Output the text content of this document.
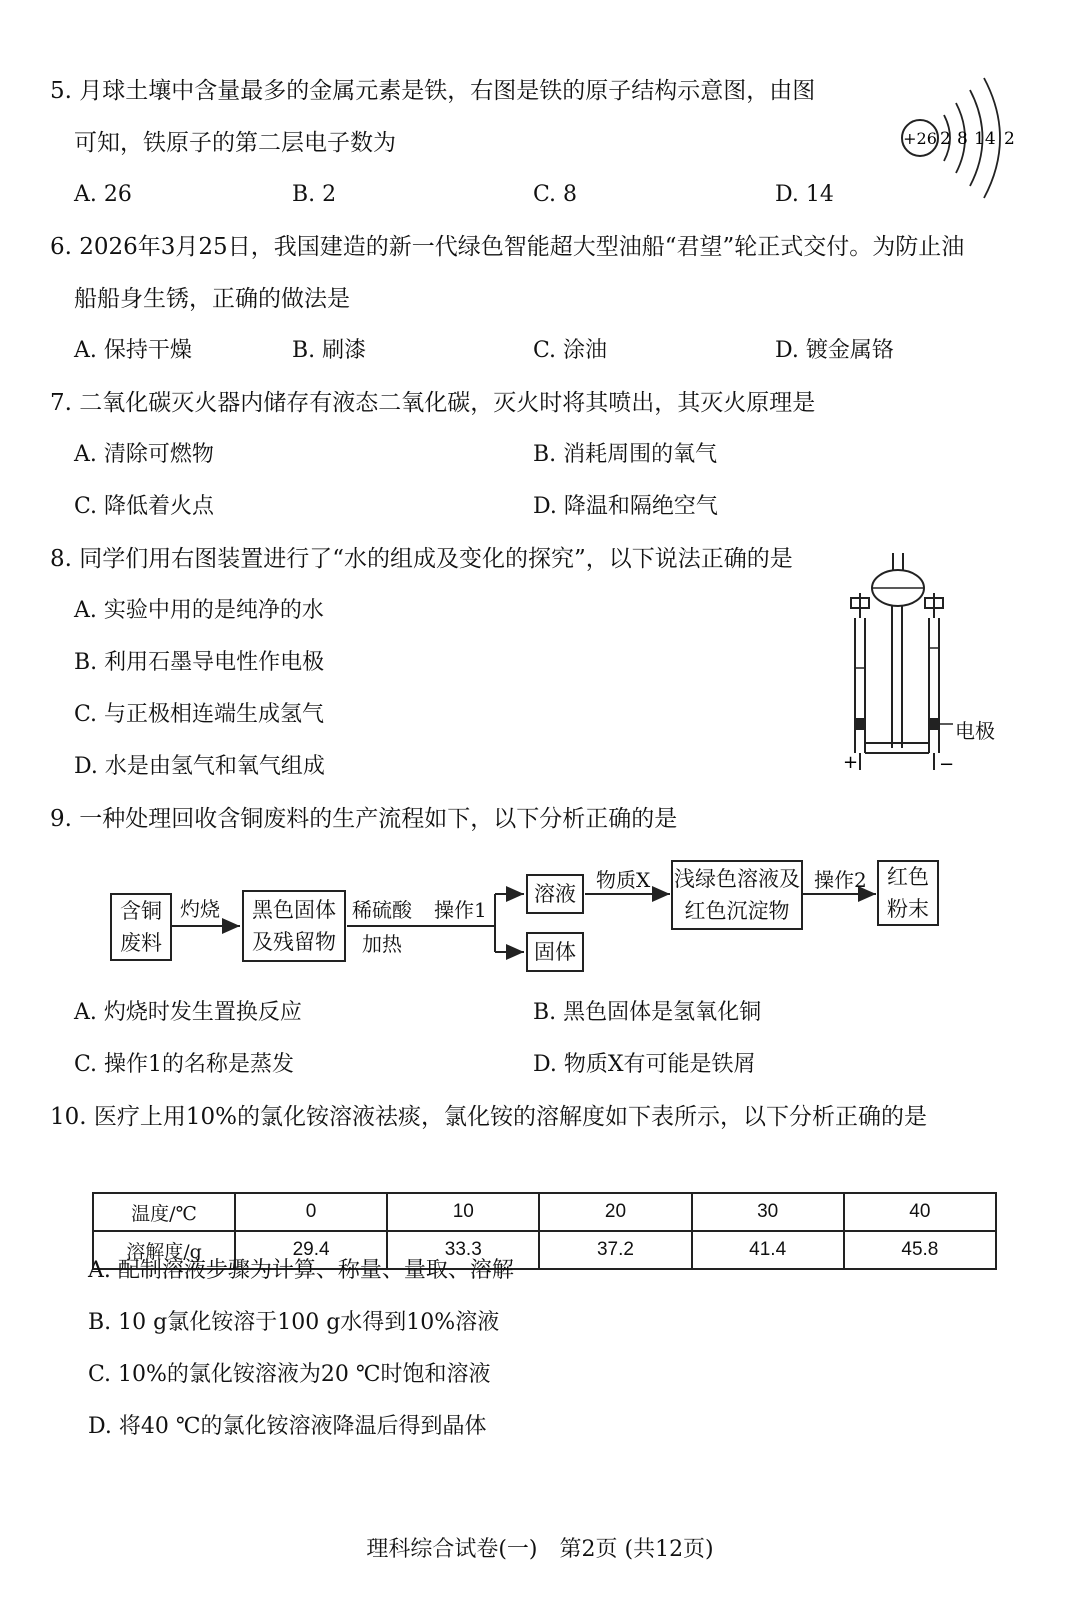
5. 月球土壤中含量最多的金属元素是铁，右图是铁的原子结构示意图，由图
可知，铁原子的第二层电子数为
A. 26	B. 2	C. 8	D. 14
+26 2 8 14 2
6. 2026年3月25日，我国建造的新一代绿色智能超大型油船“君望”轮正式交付。为防止油
船船身生锈，正确的做法是
A. 保持干燥	B. 刷漆	C. 涂油	D. 镀金属铬
7. 二氧化碳灭火器内储存有液态二氧化碳，灭火时将其喷出，其灭火原理是
A. 清除可燃物	B. 消耗周围的氧气
C. 降低着火点	D. 降温和隔绝空气
8. 同学们用右图装置进行了“水的组成及变化的探究”，以下说法正确的是
A. 实验中用的是纯净的水
B. 利用石墨导电性作电极
C. 与正极相连端生成氢气
D. 水是由氢气和氧气组成	+	−
电极
9. 一种处理回收含铜废料的生产流程如下，以下分析正确的是
含铜
废料
灼烧	黑色固体
及残留物
稀硫酸
加热
操作1
溶液
固体
物质X 浅绿色溶液及
红色沉淀物
操作2 红色
粉末
A. 灼烧时发生置换反应	B. 黑色固体是氢氧化铜
C. 操作1的名称是蒸发	D. 物质X有可能是铁屑
10. 医疗上用10%的氯化铵溶液祛痰，氯化铵的溶解度如下表所示，以下分析正确的是
温度/℃	0	10	20	30	40
溶解度/g	29.4	33.3	37.2	41.4	45.8
A. 配制溶液步骤为计算、称量、量取、溶解
B. 10 g氯化铵溶于100 g水得到10%溶液
C. 10%的氯化铵溶液为20 ℃时饱和溶液
D. 将40 ℃的氯化铵溶液降温后得到晶体
理科综合试卷(一)　第2页 (共12页)
